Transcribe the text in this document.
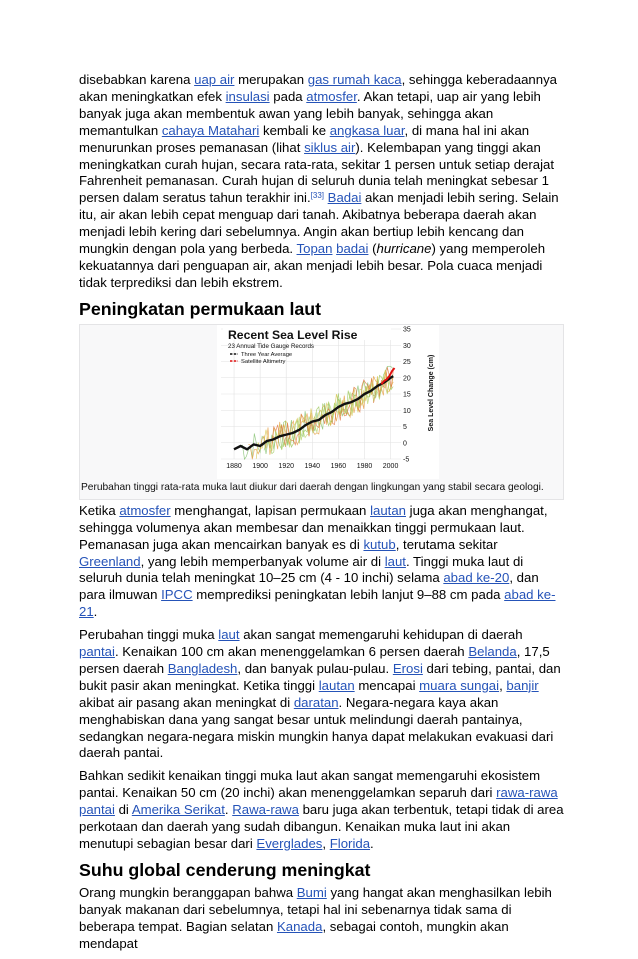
disebabkan karena uap air merupakan gas rumah kaca, sehingga keberadaannya akan meningkatkan efek insulasi pada atmosfer. Akan tetapi, uap air yang lebih banyak juga akan membentuk awan yang lebih banyak, sehingga akan memantulkan cahaya Matahari kembali ke angkasa luar, di mana hal ini akan menurunkan proses pemanasan (lihat siklus air). Kelembapan yang tinggi akan meningkatkan curah hujan, secara rata-rata, sekitar 1 persen untuk setiap derajat Fahrenheit pemanasan. Curah hujan di seluruh dunia telah meningkat sebesar 1 persen dalam seratus tahun terakhir ini.[33] Badai akan menjadi lebih sering. Selain itu, air akan lebih cepat menguap dari tanah. Akibatnya beberapa daerah akan menjadi lebih kering dari sebelumnya. Angin akan bertiup lebih kencang dan mungkin dengan pola yang berbeda. Topan badai (hurricane) yang memperoleh kekuatannya dari penguapan air, akan menjadi lebih besar. Pola cuaca menjadi tidak terprediksi dan lebih ekstrem.

Peningkatan permukaan laut
Recent Sea Level Rise
23 Annual Tide Gauge Records
Three Year Average
Satellite Altimetry
1880 1900 1920 1940 1960 1980 2000
-5
0
5
10
15
20
25
30
35
Sea Level Change (cm)
Perubahan tinggi rata-rata muka laut diukur dari daerah dengan lingkungan yang stabil secara geologi.

Ketika atmosfer menghangat, lapisan permukaan lautan juga akan menghangat, sehingga volumenya akan membesar dan menaikkan tinggi permukaan laut. Pemanasan juga akan mencairkan banyak es di kutub, terutama sekitar Greenland, yang lebih memperbanyak volume air di laut. Tinggi muka laut di seluruh dunia telah meningkat 10–25 cm (4 - 10 inchi) selama abad ke-20, dan para ilmuwan IPCC memprediksi peningkatan lebih lanjut 9–88 cm pada abad ke-21.

Perubahan tinggi muka laut akan sangat memengaruhi kehidupan di daerah pantai. Kenaikan 100 cm akan menenggelamkan 6 persen daerah Belanda, 17,5 persen daerah Bangladesh, dan banyak pulau-pulau. Erosi dari tebing, pantai, dan bukit pasir akan meningkat. Ketika tinggi lautan mencapai muara sungai, banjir akibat air pasang akan meningkat di daratan. Negara-negara kaya akan menghabiskan dana yang sangat besar untuk melindungi daerah pantainya, sedangkan negara-negara miskin mungkin hanya dapat melakukan evakuasi dari daerah pantai.

Bahkan sedikit kenaikan tinggi muka laut akan sangat memengaruhi ekosistem pantai. Kenaikan 50 cm (20 inchi) akan menenggelamkan separuh dari rawa-rawa pantai di Amerika Serikat. Rawa-rawa baru juga akan terbentuk, tetapi tidak di area perkotaan dan daerah yang sudah dibangun. Kenaikan muka laut ini akan menutupi sebagian besar dari Everglades, Florida.

Suhu global cenderung meningkat

Orang mungkin beranggapan bahwa Bumi yang hangat akan menghasilkan lebih banyak makanan dari sebelumnya, tetapi hal ini sebenarnya tidak sama di beberapa tempat. Bagian selatan Kanada, sebagai contoh, mungkin akan mendapat
